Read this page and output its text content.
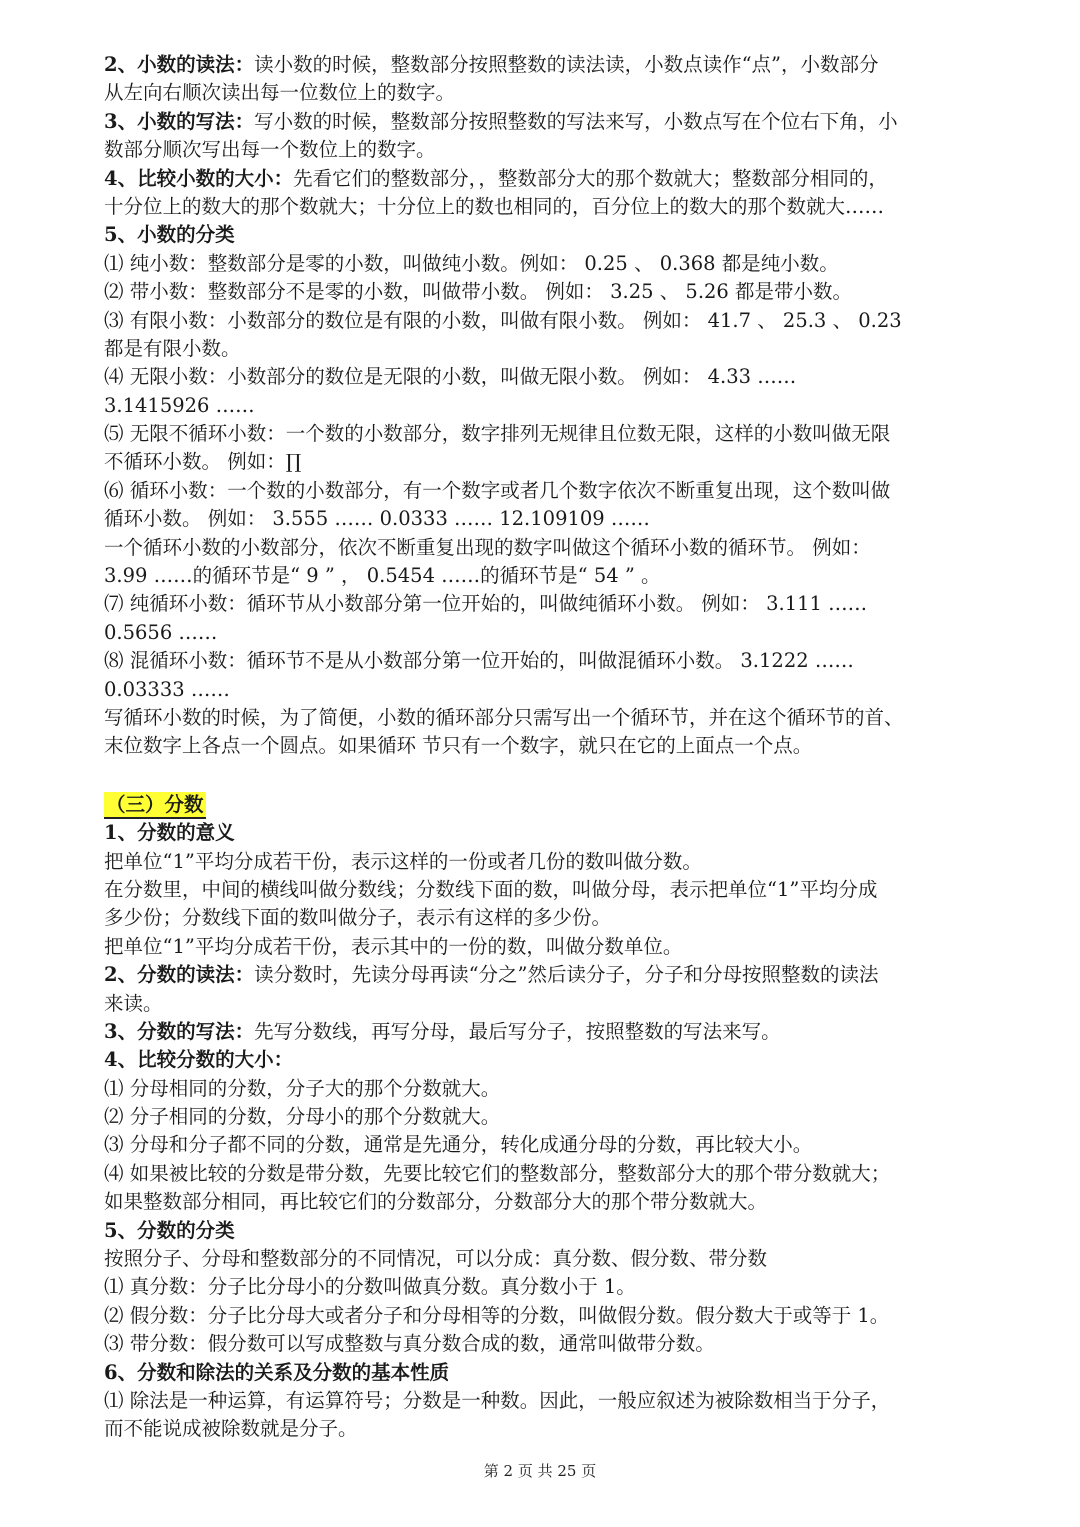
2、小数的读法：读小数的时候，整数部分按照整数的读法读，小数点读作“点”，小数部分
从左向右顺次读出每一位数位上的数字。
3、小数的写法：写小数的时候，整数部分按照整数的写法来写，小数点写在个位右下角，小
数部分顺次写出每一个数位上的数字。
4、比较小数的大小：先看它们的整数部分，，整数部分大的那个数就大；整数部分相同的，
十分位上的数大的那个数就大；十分位上的数也相同的，百分位上的数大的那个数就大……
5、小数的分类
⑴ 纯小数：整数部分是零的小数，叫做纯小数。例如： 0.25 、 0.368 都是纯小数。
⑵ 带小数：整数部分不是零的小数，叫做带小数。 例如： 3.25 、 5.26 都是带小数。
⑶ 有限小数：小数部分的数位是有限的小数，叫做有限小数。 例如： 41.7 、 25.3 、 0.23
都是有限小数。
⑷ 无限小数：小数部分的数位是无限的小数，叫做无限小数。 例如： 4.33 ……
3.1415926 ……
⑸ 无限不循环小数：一个数的小数部分，数字排列无规律且位数无限，这样的小数叫做无限
不循环小数。 例如：∏
⑹ 循环小数：一个数的小数部分，有一个数字或者几个数字依次不断重复出现，这个数叫做
循环小数。 例如： 3.555 …… 0.0333 …… 12.109109 ……
一个循环小数的小数部分，依次不断重复出现的数字叫做这个循环小数的循环节。 例如：
3.99 ……的循环节是“ 9 ” ， 0.5454 ……的循环节是“ 54 ” 。
⑺ 纯循环小数：循环节从小数部分第一位开始的，叫做纯循环小数。 例如： 3.111 ……
0.5656 ……
⑻ 混循环小数：循环节不是从小数部分第一位开始的，叫做混循环小数。 3.1222 ……
0.03333 ……
写循环小数的时候，为了简便，小数的循环部分只需写出一个循环节，并在这个循环节的首、
末位数字上各点一个圆点。如果循环 节只有一个数字，就只在它的上面点一个点。
（三）分数
1、分数的意义
把单位“1”平均分成若干份，表示这样的一份或者几份的数叫做分数。
在分数里，中间的横线叫做分数线；分数线下面的数，叫做分母，表示把单位“1”平均分成
多少份；分数线下面的数叫做分子，表示有这样的多少份。
把单位“1”平均分成若干份，表示其中的一份的数，叫做分数单位。
2、分数的读法：读分数时，先读分母再读“分之”然后读分子，分子和分母按照整数的读法
来读。
3、分数的写法：先写分数线，再写分母，最后写分子，按照整数的写法来写。
4、比较分数的大小：
⑴ 分母相同的分数，分子大的那个分数就大。
⑵ 分子相同的分数，分母小的那个分数就大。
⑶ 分母和分子都不同的分数，通常是先通分，转化成通分母的分数，再比较大小。
⑷ 如果被比较的分数是带分数，先要比较它们的整数部分，整数部分大的那个带分数就大；
如果整数部分相同，再比较它们的分数部分，分数部分大的那个带分数就大。
5、分数的分类
按照分子、分母和整数部分的不同情况，可以分成：真分数、假分数、带分数
⑴ 真分数：分子比分母小的分数叫做真分数。真分数小于 1。
⑵ 假分数：分子比分母大或者分子和分母相等的分数，叫做假分数。假分数大于或等于 1。
⑶ 带分数：假分数可以写成整数与真分数合成的数，通常叫做带分数。
6、分数和除法的关系及分数的基本性质
⑴ 除法是一种运算，有运算符号；分数是一种数。因此，一般应叙述为被除数相当于分子，
而不能说成被除数就是分子。
第 2 页 共 25 页
